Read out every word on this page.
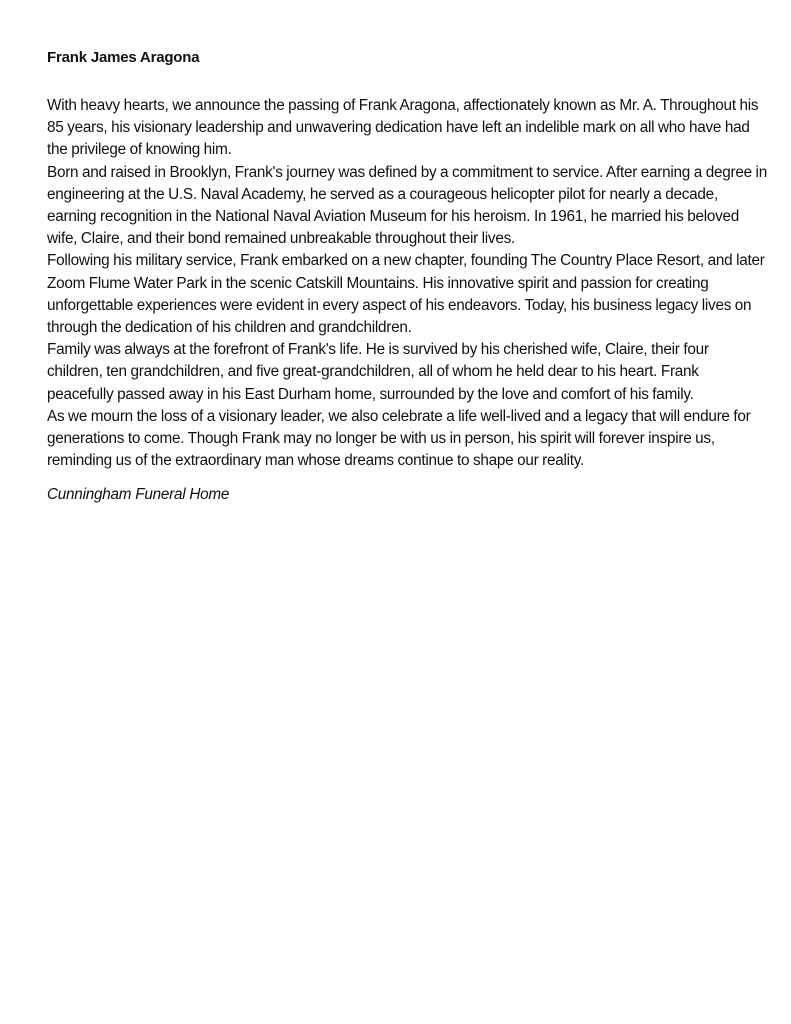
Frank James Aragona

With heavy hearts, we announce the passing of Frank Aragona, affectionately known as Mr. A. Throughout his 85 years, his visionary leadership and unwavering dedication have left an indelible mark on all who have had the privilege of knowing him.

Born and raised in Brooklyn, Frank's journey was defined by a commitment to service. After earning a degree in engineering at the U.S. Naval Academy, he served as a courageous helicopter pilot for nearly a decade, earning recognition in the National Naval Aviation Museum for his heroism. In 1961, he married his beloved wife, Claire, and their bond remained unbreakable throughout their lives.

Following his military service, Frank embarked on a new chapter, founding The Country Place Resort, and later Zoom Flume Water Park in the scenic Catskill Mountains. His innovative spirit and passion for creating unforgettable experiences were evident in every aspect of his endeavors. Today, his business legacy lives on through the dedication of his children and grandchildren.

Family was always at the forefront of Frank's life. He is survived by his cherished wife, Claire, their four children, ten grandchildren, and five great-grandchildren, all of whom he held dear to his heart. Frank peacefully passed away in his East Durham home, surrounded by the love and comfort of his family.

As we mourn the loss of a visionary leader, we also celebrate a life well-lived and a legacy that will endure for generations to come. Though Frank may no longer be with us in person, his spirit will forever inspire us, reminding us of the extraordinary man whose dreams continue to shape our reality.

Cunningham Funeral Home
